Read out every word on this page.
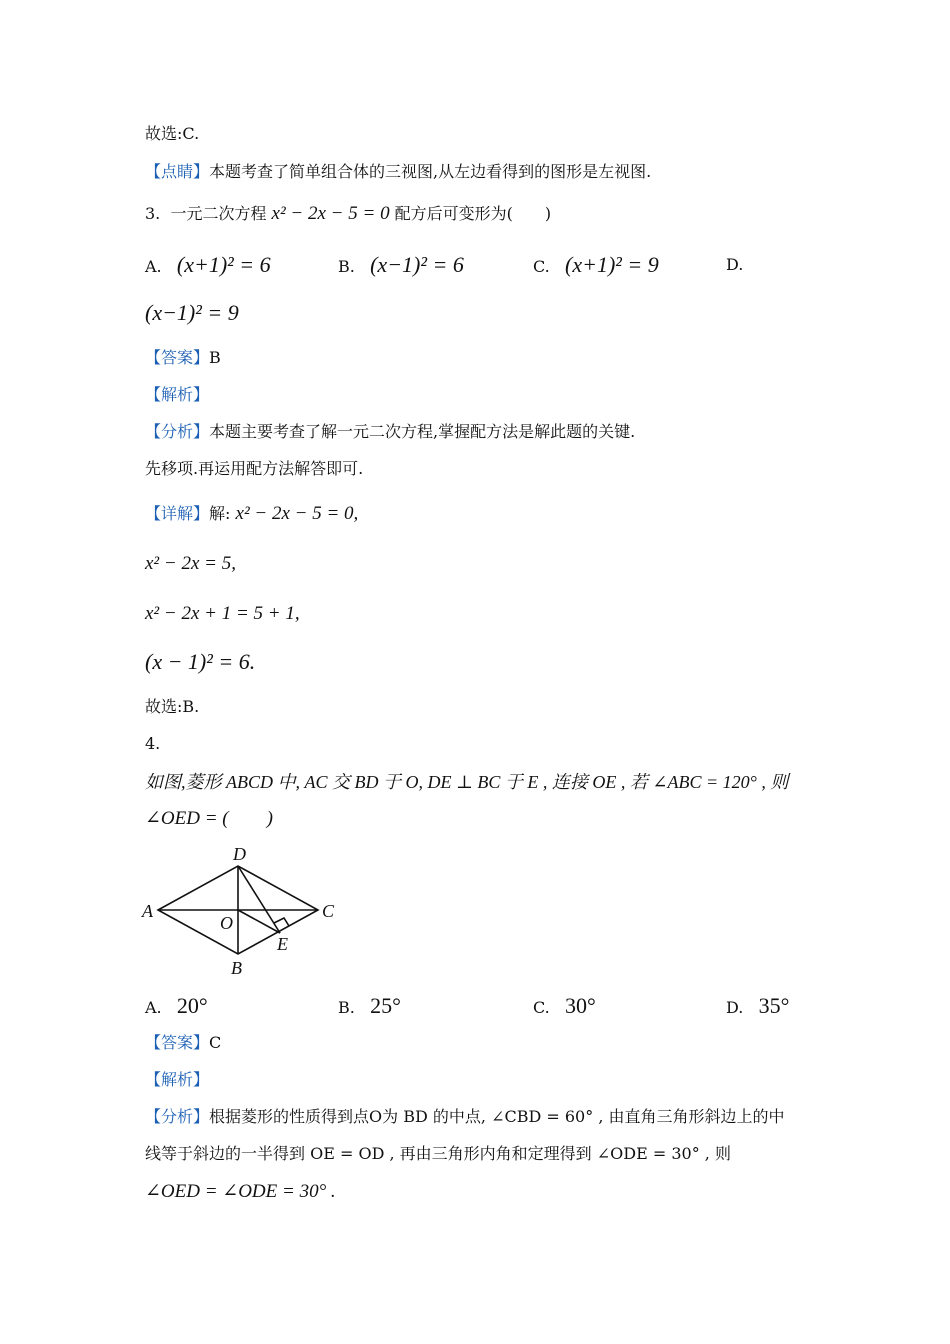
故选:C.
【点睛】本题考查了简单组合体的三视图,从左边看得到的图形是左视图.
3. 一元二次方程 x² − 2x − 5 = 0 配方后可变形为(　　)
A. (x+1)² = 6	B. (x−1)² = 6	C. (x+1)² = 9	D.
(x−1)² = 9
【答案】B
【解析】
【分析】本题主要考查了解一元二次方程,掌握配方法是解此题的关键.
先移项.再运用配方法解答即可.
【详解】解: x² − 2x − 5 = 0,
x² − 2x = 5,
x² − 2x + 1 = 5 + 1,
(x − 1)² = 6.
故选:B.
4.
如图,菱形 ABCD 中, AC 交 BD 于 O, DE ⊥ BC 于 E , 连接 OE , 若 ∠ABC = 120° , 则
∠OED = (　　)
D
A	C
O
E
B
A. 20°	B. 25°	C. 30°	D. 35°
【答案】C
【解析】
【分析】根据菱形的性质得到点O为 BD 的中点, ∠CBD = 60° , 由直角三角形斜边上的中
线等于斜边的一半得到 OE = OD , 再由三角形内角和定理得到 ∠ODE = 30° , 则
∠OED = ∠ODE = 30° .
